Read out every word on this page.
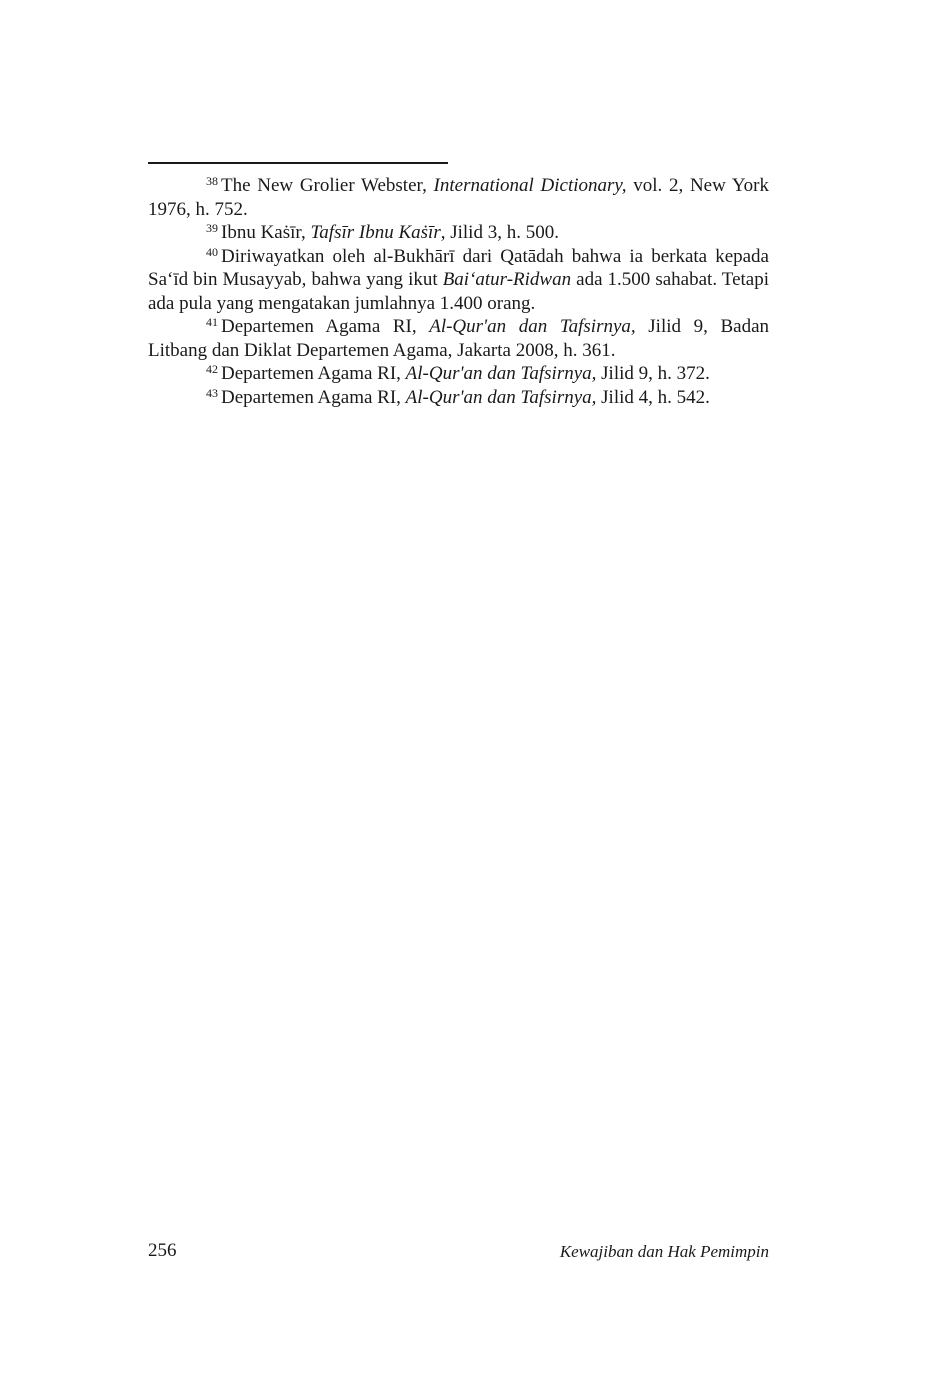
$^{38}$ The New Grolier Webster, International Dictionary, vol. 2, New York 1976, h. 752.

$^{39}$ Ibnu Kaṡīr, Tafsīr Ibnu Kaṡīr, Jilid 3, h. 500.

$^{40}$ Diriwayatkan oleh al-Bukhārī dari Qatādah bahwa ia berkata kepada Sa‘īd bin Musayyab, bahwa yang ikut Bai‘atur-Ridwan ada 1.500 sahabat. Tetapi ada pula yang mengatakan jumlahnya 1.400 orang.

$^{41}$ Departemen Agama RI, Al-Qur'an dan Tafsirnya, Jilid 9, Badan Litbang dan Diklat Departemen Agama, Jakarta 2008, h. 361.

$^{42}$ Departemen Agama RI, Al-Qur'an dan Tafsirnya, Jilid 9, h. 372.

$^{43}$ Departemen Agama RI, Al-Qur'an dan Tafsirnya, Jilid 4, h. 542.

256	Kewajiban dan Hak Pemimpin
